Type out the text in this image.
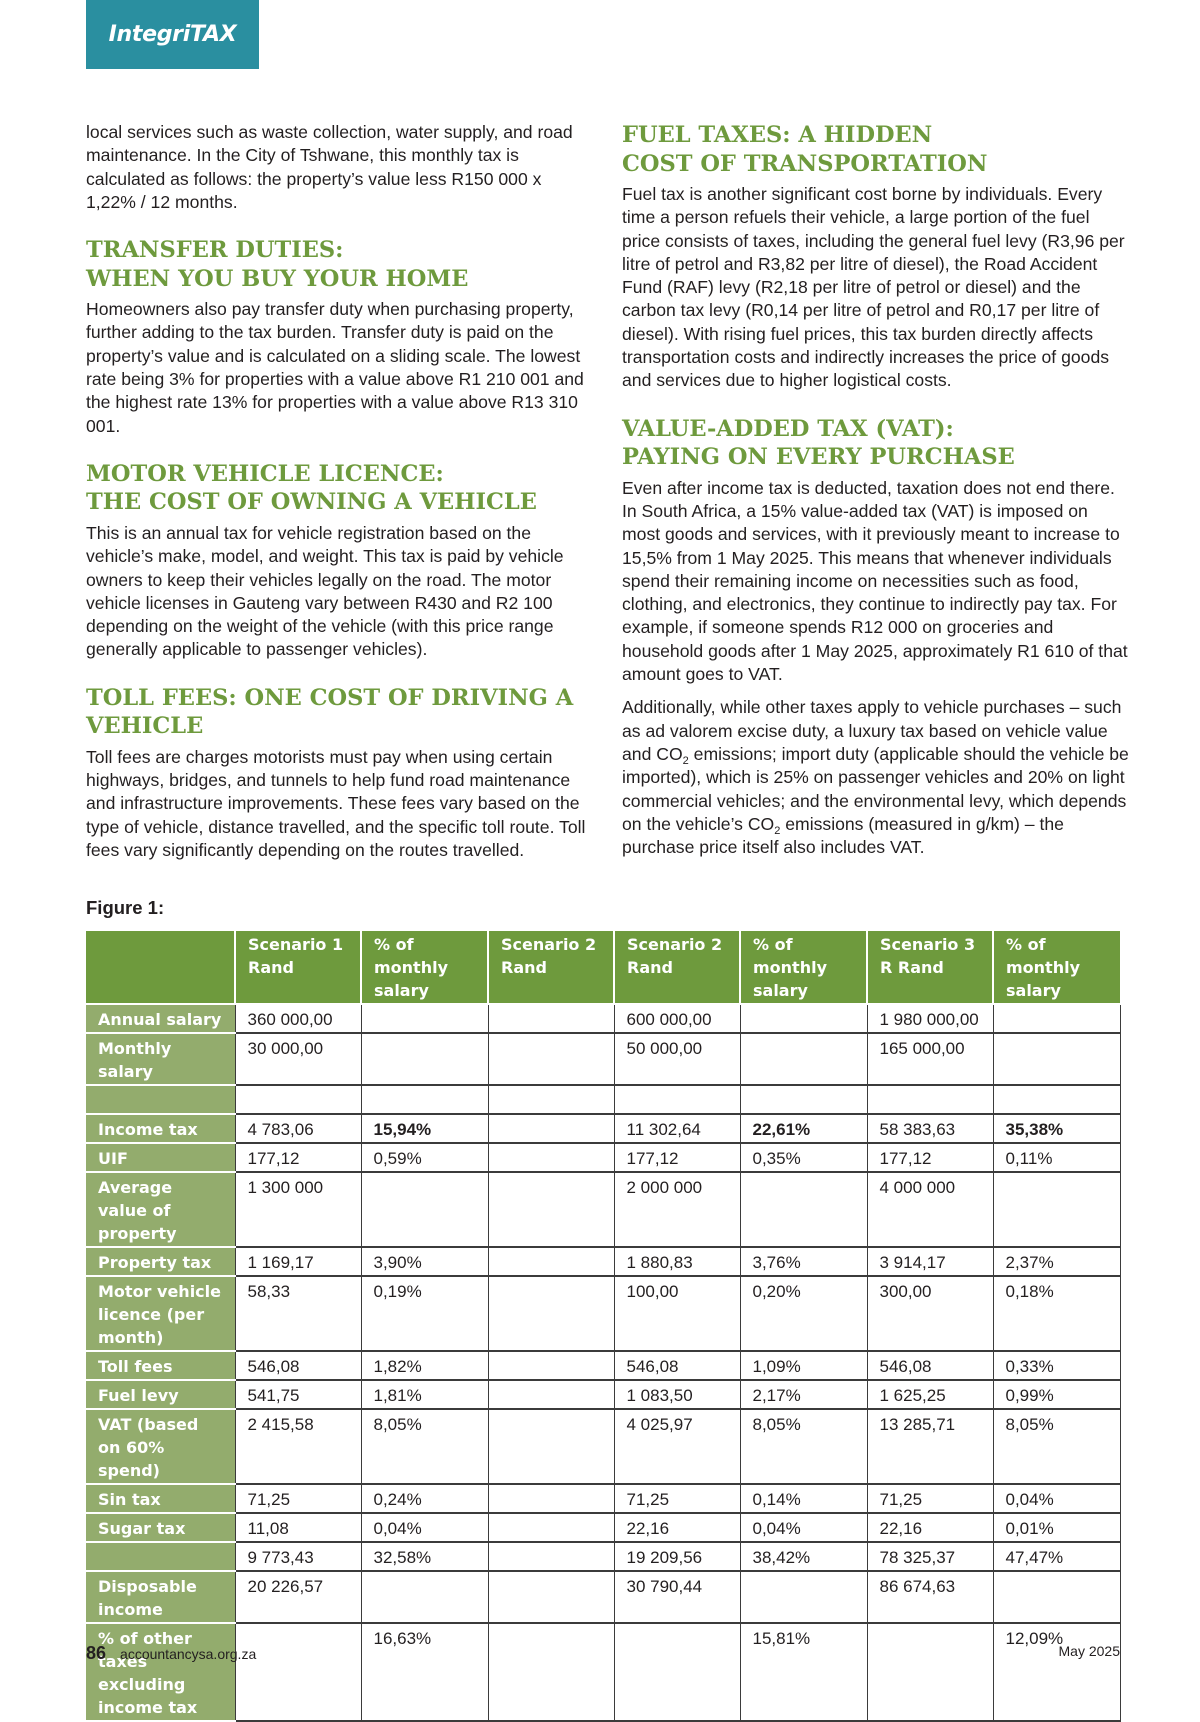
IntegriTAX

local services such as waste collection, water supply, and road maintenance. In the City of Tshwane, this monthly tax is calculated as follows: the property’s value less R150 000 x 1,22% / 12 months.

TRANSFER DUTIES:
WHEN YOU BUY YOUR HOME

Homeowners also pay transfer duty when purchasing property, further adding to the tax burden. Transfer duty is paid on the property’s value and is calculated on a sliding scale. The lowest rate being 3% for properties with a value above R1 210 001 and the highest rate 13% for properties with a value above R13 310 001.

MOTOR VEHICLE LICENCE:
THE COST OF OWNING A VEHICLE

This is an annual tax for vehicle registration based on the vehicle’s make, model, and weight. This tax is paid by vehicle owners to keep their vehicles legally on the road. The motor vehicle licenses in Gauteng vary between R430 and R2 100 depending on the weight of the vehicle (with this price range generally applicable to passenger vehicles).

TOLL FEES: ONE COST OF DRIVING A
VEHICLE

Toll fees are charges motorists must pay when using certain highways, bridges, and tunnels to help fund road maintenance and infrastructure improvements. These fees vary based on the type of vehicle, distance travelled, and the specific toll route. Toll fees vary significantly depending on the routes travelled.

FUEL TAXES: A HIDDEN
COST OF TRANSPORTATION

Fuel tax is another significant cost borne by individuals. Every time a person refuels their vehicle, a large portion of the fuel price consists of taxes, including the general fuel levy (R3,96 per litre of petrol and R3,82 per litre of diesel), the Road Accident Fund (RAF) levy (R2,18 per litre of petrol or diesel) and the carbon tax levy (R0,14 per litre of petrol and R0,17 per litre of diesel). With rising fuel prices, this tax burden directly affects transportation costs and indirectly increases the price of goods and services due to higher logistical costs.

VALUE-ADDED TAX (VAT):
PAYING ON EVERY PURCHASE

Even after income tax is deducted, taxation does not end there. In South Africa, a 15% value-added tax (VAT) is imposed on most goods and services, with it previously meant to increase to 15,5% from 1 May 2025. This means that whenever individuals spend their remaining income on necessities such as food, clothing, and electronics, they continue to indirectly pay tax. For example, if someone spends R12 000 on groceries and household goods after 1 May 2025, approximately R1 610 of that amount goes to VAT.

Additionally, while other taxes apply to vehicle purchases – such as ad valorem excise duty, a luxury tax based on vehicle value and $CO_2$ emissions; import duty (applicable should the vehicle be imported), which is 25% on passenger vehicles and 20% on light commercial vehicles; and the environmental levy, which depends on the vehicle’s $CO_2$ emissions (measured in g/km) – the purchase price itself also includes VAT.

Figure 1:
	Scenario 1 Rand	% of monthly salary	Scenario 2 Rand	Scenario 2 Rand	% of monthly salary	Scenario 3 R Rand	% of monthly salary
Annual salary	360 000,00			600 000,00		1 980 000,00	
Monthly salary	30 000,00			50 000,00		165 000,00	

Income tax	4 783,06	15,94%		11 302,64	22,61%	58 383,63	35,38%
UIF	177,12	0,59%		177,12	0,35%	177,12	0,11%
Average value of property	1 300 000			2 000 000		4 000 000	
Property tax	1 169,17	3,90%		1 880,83	3,76%	3 914,17	2,37%
Motor vehicle licence (per month)	58,33	0,19%		100,00	0,20%	300,00	0,18%
Toll fees	546,08	1,82%		546,08	1,09%	546,08	0,33%
Fuel levy	541,75	1,81%		1 083,50	2,17%	1 625,25	0,99%
VAT (based on 60% spend)	2 415,58	8,05%		4 025,97	8,05%	13 285,71	8,05%
Sin tax	71,25	0,24%		71,25	0,14%	71,25	0,04%
Sugar tax	11,08	0,04%		22,16	0,04%	22,16	0,01%
	9 773,43	32,58%		19 209,56	38,42%	78 325,37	47,47%
Disposable income	20 226,57			30 790,44		86 674,63	
% of other taxes excluding income tax		16,63%			15,81%		12,09%
86 accountancysa.org.za	May 2025
